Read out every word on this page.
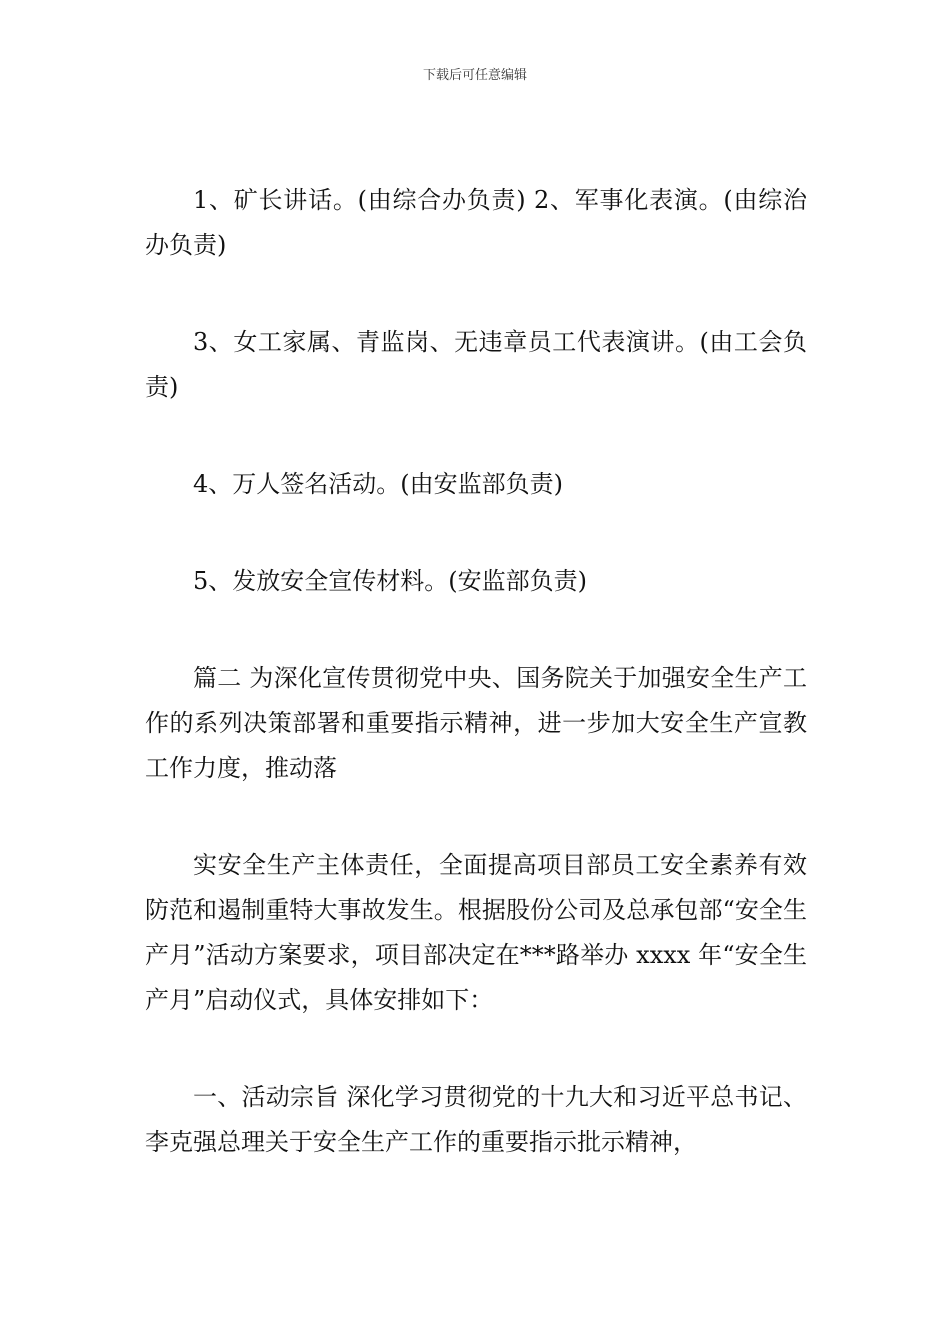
下载后可任意编辑

1、矿长讲话。(由综合办负责) 2、军事化表演。(由综治办负责)

3、女工家属、青监岗、无违章员工代表演讲。(由工会负责)

4、万人签名活动。(由安监部负责)

5、发放安全宣传材料。(安监部负责)

篇二 为深化宣传贯彻党中央、国务院关于加强安全生产工作的系列决策部署和重要指示精神，进一步加大安全生产宣教工作力度，推动落

实安全生产主体责任，全面提高项目部员工安全素养有效防范和遏制重特大事故发生。根据股份公司及总承包部“安全生产月”活动方案要求，项目部决定在***路举办 xxxx 年“安全生产月”启动仪式，具体安排如下：

一、活动宗旨 深化学习贯彻党的十九大和习近平总书记、李克强总理关于安全生产工作的重要指示批示精神，
